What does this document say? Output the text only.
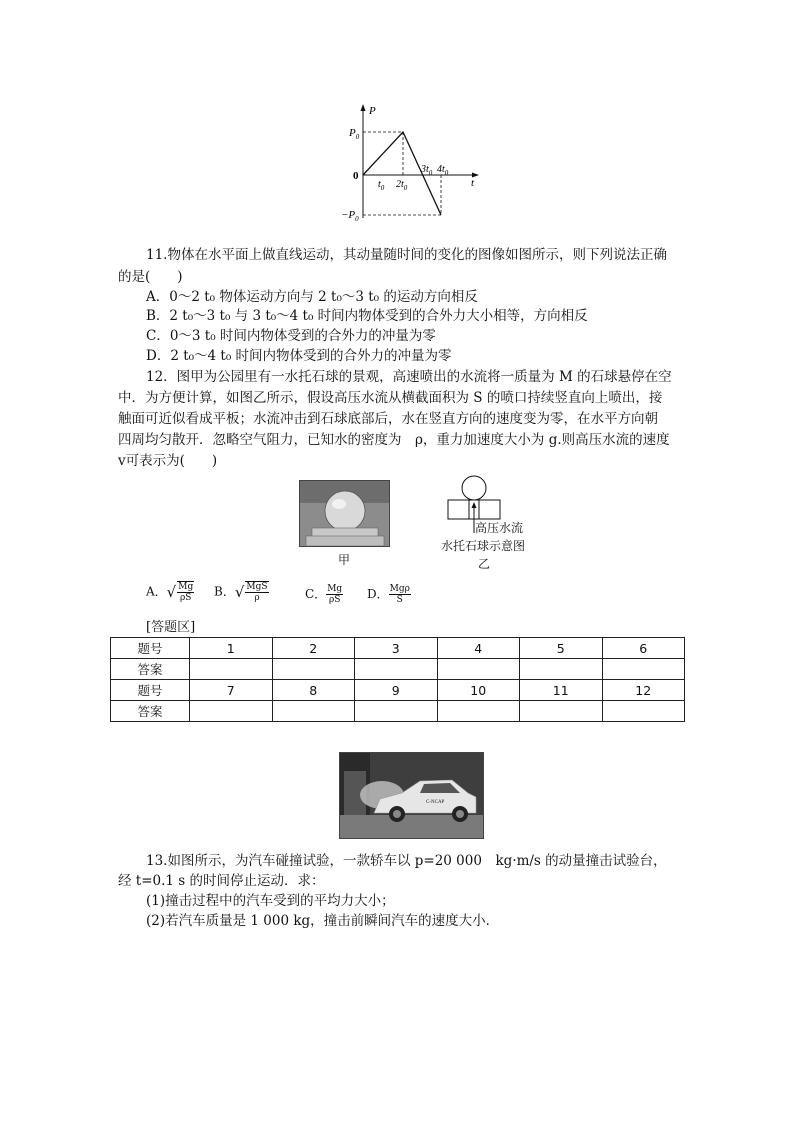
P
t
0
$P_0$
$-P_0$
$t_0$ $2t_0$
$3t_0$ $4t_0$
11.物体在水平面上做直线运动，其动量随时间的变化的图像如图所示，则下列说法正确
的是(　　)
A．0～2 t₀ 物体运动方向与 2 t₀～3 t₀ 的运动方向相反
B．2 t₀～3 t₀ 与 3 t₀～4 t₀ 时间内物体受到的合外力大小相等，方向相反
C．0～3 t₀ 时间内物体受到的合外力的冲量为零
D．2 t₀～4 t₀ 时间内物体受到的合外力的冲量为零
12．图甲为公园里有一水托石球的景观，高速喷出的水流将一质量为 M 的石球悬停在空
中．为方便计算，如图乙所示，假设高压水流从横截面积为 S 的喷口持续竖直向上喷出，接
触面可近似看成平板；水流冲击到石球底部后，水在竖直方向的速度变为零，在水平方向朝
四周均匀散开．忽略空气阻力，已知水的密度为　ρ，重力加速度大小为 g.则高压水流的速度
v可表示为(　　)
甲
高压水流
水托石球示意图
乙
A．√ $\frac{Mg}{\rho S}$ B．√ $\frac{\text{MgS}}{\rho}$	C． $\frac{Mg}{\rho S}$ D． $\frac{\text{Mgρ}}{S}$
[答题区]
题号	1	2	3	4	5	6
答案						
题号	7	8	9	10	11	12
答案						
C-NCAP
13.如图所示，为汽车碰撞试验，一款轿车以 p=20 000　kg·m/s 的动量撞击试验台，
经 t=0.1 s 的时间停止运动．求：
(1)撞击过程中的汽车受到的平均力大小；
(2)若汽车质量是 1 000 kg，撞击前瞬间汽车的速度大小．
